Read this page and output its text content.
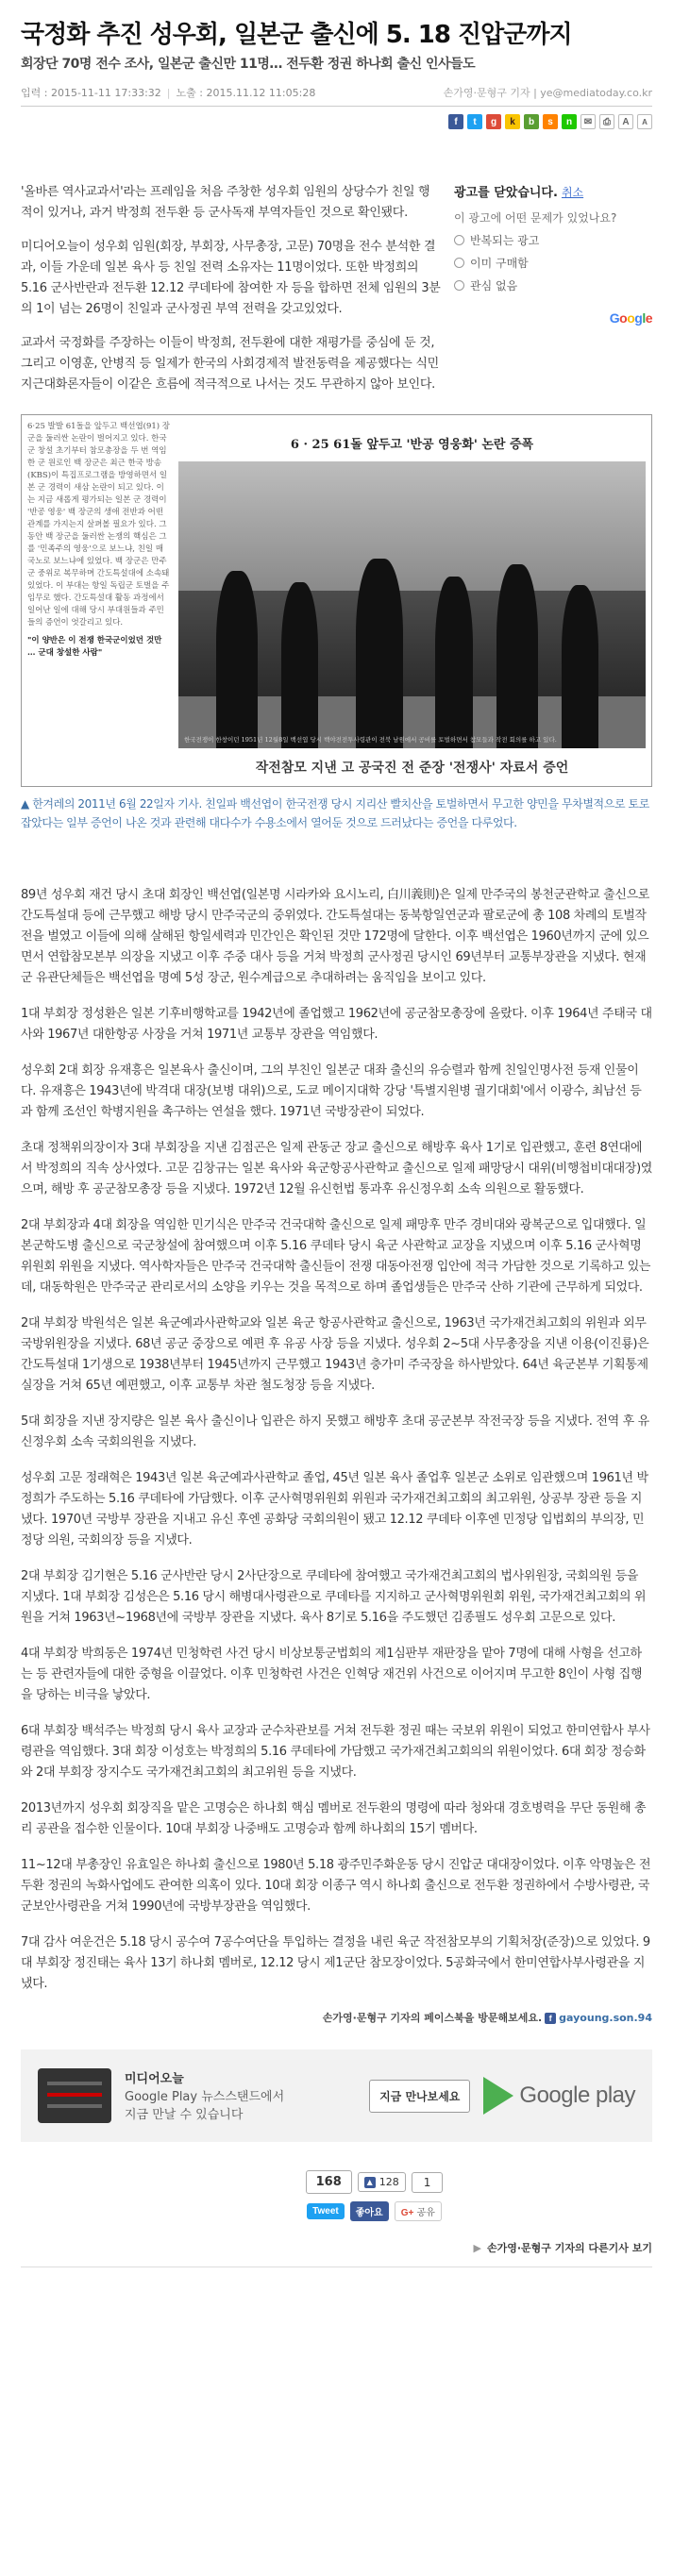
국정화 추진 성우회, 일본군 출신에 5. 18 진압군까지
회장단 70명 전수 조사, 일본군 출신만 11명… 전두환 정권 하나회 출신 인사들도
입력 : 2015-11-11 17:33:32 | 노출 : 2015.11.12 11:05:28	손가영·문형구 기자 | ye@mediatoday.co.kr
f	t	g	k	b	s	n	✉	⎙	A	A

'올바른 역사교과서'라는 프레임을 처음 주창한 성우회 임원의 상당수가 친일 행적이 있거나, 과거 박정희 전두환 등 군사독재 부역자들인 것으로 확인됐다.

미디어오늘이 성우회 임원(회장, 부회장, 사무총장, 고문) 70명을 전수 분석한 결과, 이들 가운데 일본 육사 등 친일 전력 소유자는 11명이었다. 또한 박정희의 5.16 군사반란과 전두환 12.12 쿠데타에 참여한 자 등을 합하면 전체 임원의 3분의 1이 넘는 26명이 친일과 군사정권 부역 전력을 갖고있었다.

교과서 국정화를 주장하는 이들이 박정희, 전두환에 대한 재평가를 중심에 둔 것, 그리고 이영훈, 안병직 등 일제가 한국의 사회경제적 발전동력을 제공했다는 식민지근대화론자들이 이같은 흐름에 적극적으로 나서는 것도 무관하지 않아 보인다.

광고를 닫았습니다. 취소
이 광고에 어떤 문제가 있었나요?
반복되는 광고
이미 구매함
관심 없음
Google
6·25 발발 61돌을 앞두고 백선엽(91) 장군을 둘러싼 논란이 벌어지고 있다. 한국군 창설 초기부터 참모총장을 두 번 역임한 군 원로인 백 장군은 최근 한국 방송(KBS)이 특집프로그램을 방영하면서 일본 군 경력이 새삼 논란이 되고 있다. 이는 지금 새롭게 평가되는 일본 군 경력이 '반공 영웅' 백 장군의 생애 전반과 어떤 관계를 가지는지 살펴볼 필요가 있다. 그동안 백 장군을 둘러싼 논쟁의 핵심은 그를 '민족주의 영웅'으로 보느냐, 친일 매국노로 보느냐에 있었다. 백 장군은 만주군 중위로 복무하며 간도특설대에 소속돼 있었다. 이 부대는 항일 독립군 토벌을 주 임무로 했다. 간도특설대 활동 과정에서 일어난 일에 대해 당시 부대원들과 주민들의 증언이 엇갈리고 있다.
"이 양반은 이 전쟁 한국군이었던 것만 … 군대 창설한 사람"
6 · 25 61돌 앞두고 '반공 영웅화' 논란 증폭
한국전쟁이 한창이던 1951년 12월8일 백선엽 당시 백야전전투사령관이 전북 남원에서 공비를 토벌하면서 참모들과 작전 회의를 하고 있다.
작전참모 지낸 고 공국진 전 준장 '전쟁사' 자료서 증언
▲ 한겨레의 2011년 6월 22일자 기사. 친일파 백선엽이 한국전쟁 당시 지리산 빨치산을 토벌하면서 무고한 양민을 무차별적으로 토로 잡았다는 일부 증언이 나온 것과 관련해 대다수가 수용소에서 열어둔 것으로 드러났다는 증언을 다루었다.

89년 성우회 재건 당시 초대 회장인 백선엽(일본명 시라카와 요시노리, 白川義則)은 일제 만주국의 봉천군관학교 출신으로 간도특설대 등에 근무했고 해방 당시 만주국군의 중위였다. 간도특설대는 동북항일연군과 팔로군에 총 108 차례의 토벌작전을 벌였고 이들에 의해 살해된 항일세력과 민간인은 확인된 것만 172명에 달한다. 이후 백선엽은 1960년까지 군에 있으면서 연합참모본부 의장을 지냈고 이후 주중 대사 등을 거쳐 박정희 군사정권 당시인 69년부터 교통부장관을 지냈다. 현재 군 유관단체들은 백선엽을 명예 5성 장군, 원수계급으로 추대하려는 움직임을 보이고 있다.

1대 부회장 정성환은 일본 기후비행학교를 1942년에 졸업했고 1962년에 공군참모총장에 올랐다. 이후 1964년 주태국 대사와 1967년 대한항공 사장을 거쳐 1971년 교통부 장관을 역임했다.

성우회 2대 회장 유재흥은 일본육사 출신이며, 그의 부친인 일본군 대좌 출신의 유승렬과 함께 친일인명사전 등재 인물이다. 유재흥은 1943년에 박격대 대장(보병 대위)으로, 도쿄 메이지대학 강당 '특별지원병 궐기대회'에서 이광수, 최남선 등과 함께 조선인 학병지원을 촉구하는 연설을 했다. 1971년 국방장관이 되었다.

초대 정책위의장이자 3대 부회장을 지낸 김점곤은 일제 관동군 장교 출신으로 해방후 육사 1기로 입관했고, 훈련 8연대에서 박정희의 직속 상사였다. 고문 김창규는 일본 육사와 육군항공사관학교 출신으로 일제 패망당시 대위(비행첩비대대장)였으며, 해방 후 공군참모총장 등을 지냈다. 1972년 12월 유신헌법 통과후 유신정우회 소속 의원으로 활동했다.

2대 부회장과 4대 회장을 역임한 민기식은 만주국 건국대학 출신으로 일제 패망후 만주 경비대와 광복군으로 입대했다. 일본군학도병 출신으로 국군창설에 참여했으며 이후 5.16 쿠데타 당시 육군 사관학교 교장을 지냈으며 이후 5.16 군사혁명위원회 위원을 지냈다. 역사학자들은 만주국 건국대학 출신들이 전쟁 대동아전쟁 입안에 적극 가담한 것으로 기록하고 있는데, 대동학원은 만주국군 관리로서의 소양을 키우는 것을 목적으로 하며 졸업생들은 만주국 산하 기관에 근무하게 되었다.

2대 부회장 박원석은 일본 육군예과사관학교와 일본 육군 항공사관학교 출신으로, 1963년 국가재건최고회의 위원과 외무국방위원장을 지냈다. 68년 공군 중장으로 예편 후 유공 사장 등을 지냈다. 성우회 2~5대 사무총장을 지낸 이용(이진룡)은 간도특설대 1기생으로 1938년부터 1945년까지 근무했고 1943년 충가미 주국장을 하사받았다. 64년 육군본부 기획통제실장을 거쳐 65년 예편했고, 이후 교통부 차관 철도청장 등을 지냈다.

5대 회장을 지낸 장지량은 일본 육사 출신이나 입관은 하지 못했고 해방후 초대 공군본부 작전국장 등을 지냈다. 전역 후 유신정우회 소속 국회의원을 지냈다.

성우회 고문 정래혁은 1943년 일본 육군예과사관학교 졸업, 45년 일본 육사 졸업후 일본군 소위로 임관했으며 1961년 박정희가 주도하는 5.16 쿠데타에 가담했다. 이후 군사혁명위원회 위원과 국가재건최고회의 최고위원, 상공부 장관 등을 지냈다. 1970년 국방부 장관을 지내고 유신 후엔 공화당 국회의원이 됐고 12.12 쿠데타 이후엔 민정당 입법회의 부의장, 민정당 의원, 국회의장 등을 지냈다.

2대 부회장 김기현은 5.16 군사반란 당시 2사단장으로 쿠데타에 참여했고 국가재건최고회의 법사위원장, 국회의원 등을 지냈다. 1대 부회장 김성은은 5.16 당시 해병대사령관으로 쿠데타를 지지하고 군사혁명위원회 위원, 국가재건최고회의 위원을 거쳐 1963년~1968년에 국방부 장관을 지냈다. 육사 8기로 5.16을 주도했던 김종필도 성우회 고문으로 있다.

4대 부회장 박희동은 1974년 민청학련 사건 당시 비상보통군법회의 제1심판부 재판장을 맡아 7명에 대해 사형을 선고하는 등 관련자들에 대한 중형을 이끌었다. 이후 민청학련 사건은 인혁당 재건위 사건으로 이어지며 무고한 8인이 사형 집행을 당하는 비극을 낳았다.

6대 부회장 백석주는 박정희 당시 육사 교장과 군수차관보를 거쳐 전두환 정권 때는 국보위 위원이 되었고 한미연합사 부사령관을 역임했다. 3대 회장 이성호는 박정희의 5.16 쿠데타에 가담했고 국가재건최고회의의 위원이었다. 6대 회장 정승화와 2대 부회장 장지수도 국가재건최고회의 최고위원 등을 지냈다.

2013년까지 성우회 회장직을 맡은 고명승은 하나회 핵심 멤버로 전두환의 명령에 따라 청와대 경호병력을 무단 동원해 총리 공관을 접수한 인물이다. 10대 부회장 나중배도 고명승과 함께 하나회의 15기 멤버다.

11~12대 부총장인 유효일은 하나회 출신으로 1980년 5.18 광주민주화운동 당시 진압군 대대장이었다. 이후 악명높은 전두환 정권의 녹화사업에도 관여한 의혹이 있다. 10대 회장 이종구 역시 하나회 출신으로 전두환 정권하에서 수방사령관, 국군보안사령관을 거쳐 1990년에 국방부장관을 역임했다.

7대 감사 여운건은 5.18 당시 공수여 7공수여단을 투입하는 결정을 내린 육군 작전참모부의 기획처장(준장)으로 있었다. 9대 부회장 정진태는 육사 13기 하나회 멤버로, 12.12 당시 제1군단 참모장이었다. 5공화국에서 한미연합사부사령관을 지냈다.

손가영·문형구 기자의 페이스북을 방문해보세요. f gayoung.son.94
미디어오늘
Google Play 뉴스스탠드에서
지금 만날 수 있습니다
지금 만나보세요	Google play
168	▲ 128	1
Tweet	좋아요	G+ 공유
▶ 손가영·문형구 기자의 다른기사 보기
